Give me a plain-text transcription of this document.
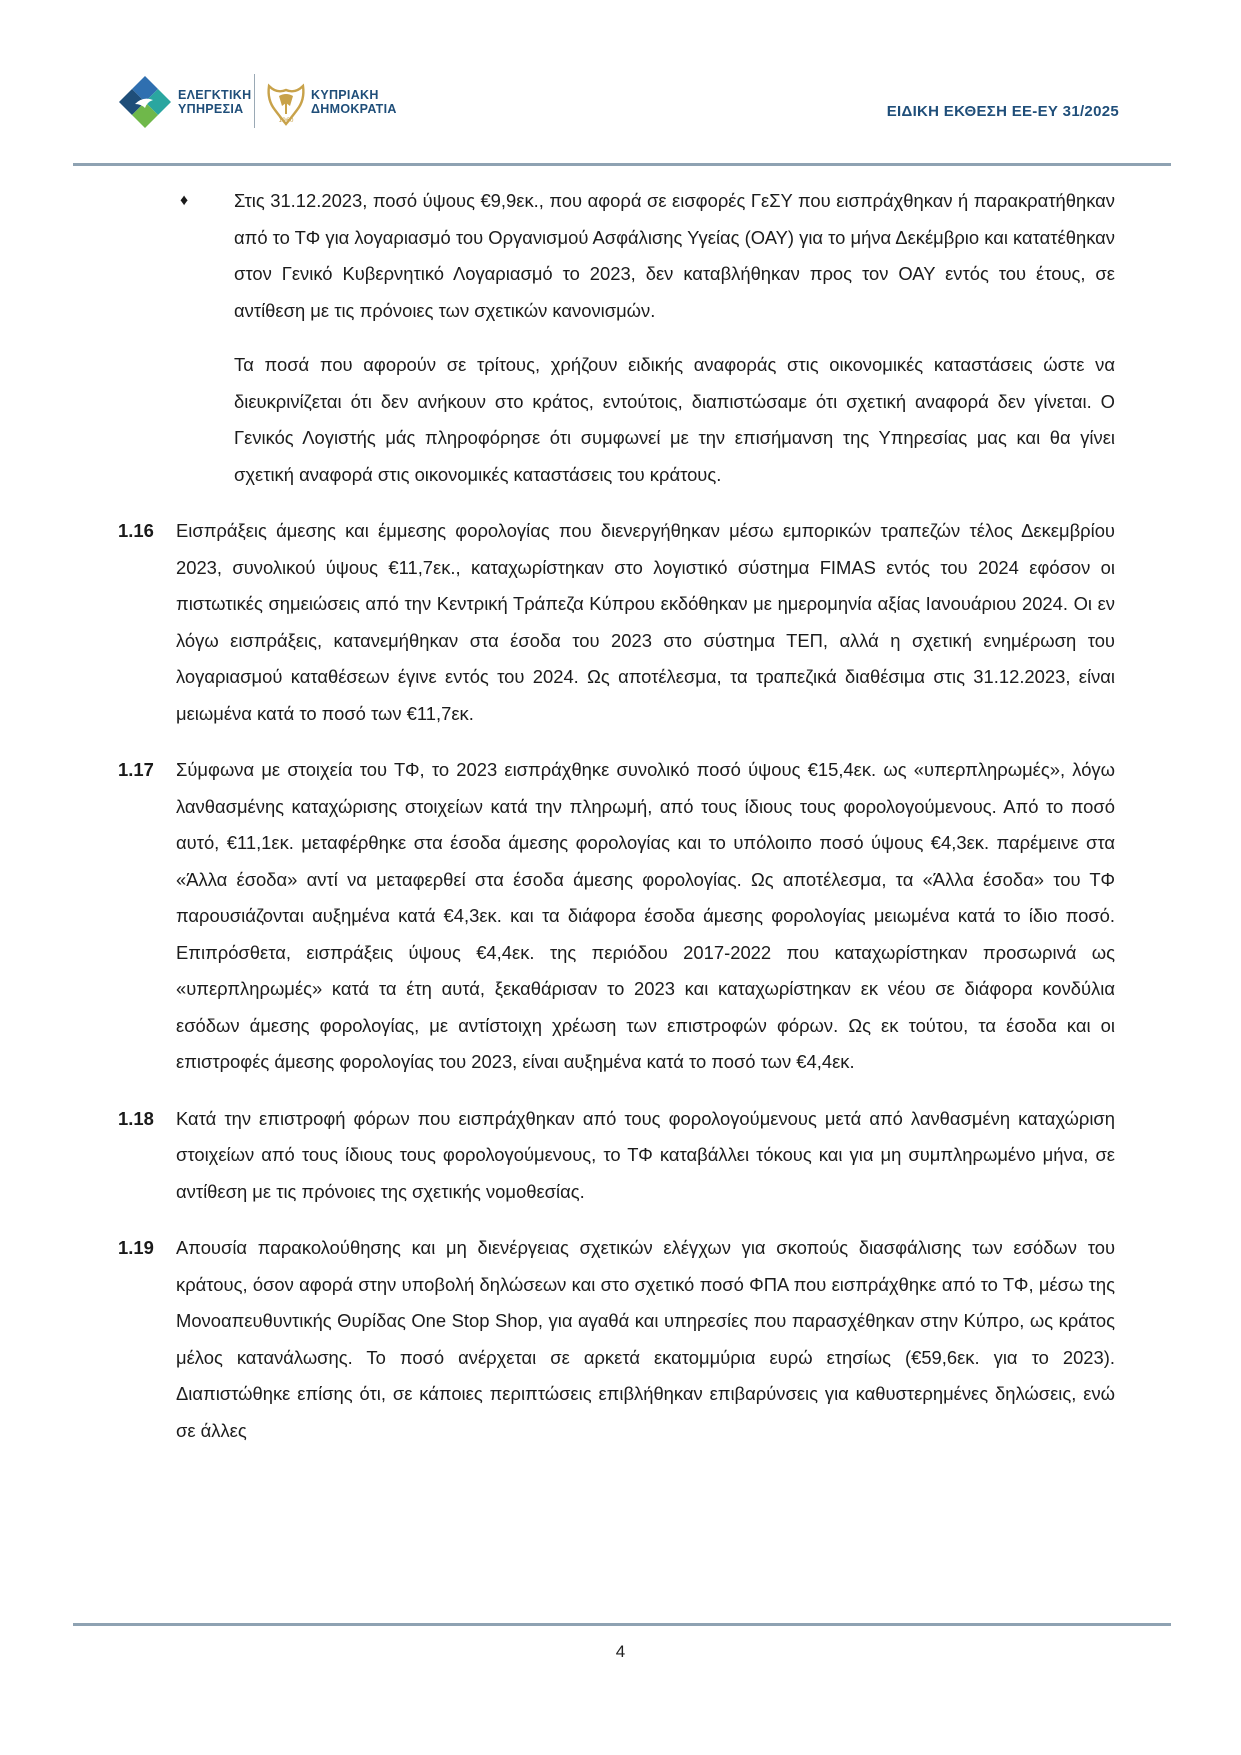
ΕΛΕΓΚΤΙΚΗ
ΥΠΗΡΕΣΙΑ
1960
ΚΥΠΡΙΑΚΗ
ΔΗΜΟΚΡΑΤΙΑ	ΕΙΔΙΚΗ ΕΚΘΕΣΗ ΕΕ-ΕΥ 31/2025
♦ Στις 31.12.2023, ποσό ύψους €9,9εκ., που αφορά σε εισφορές ΓεΣΥ που εισπράχθηκαν ή παρακρατήθηκαν από το ΤΦ για λογαριασμό του Οργανισμού Ασφάλισης Υγείας (ΟΑΥ) για το μήνα Δεκέμβριο και κατατέθηκαν στον Γενικό Κυβερνητικό Λογαριασμό το 2023, δεν καταβλήθηκαν προς τον ΟΑΥ εντός του έτους, σε αντίθεση με τις πρόνοιες των σχετικών κανονισμών.
Τα ποσά που αφορούν σε τρίτους, χρήζουν ειδικής αναφοράς στις οικονομικές καταστάσεις ώστε να διευκρινίζεται ότι δεν ανήκουν στο κράτος, εντούτοις, διαπιστώσαμε ότι σχετική αναφορά δεν γίνεται. Ο Γενικός Λογιστής μάς πληροφόρησε ότι συμφωνεί με την επισήμανση της Υπηρεσίας μας και θα γίνει σχετική αναφορά στις οικονομικές καταστάσεις του κράτους.
1.16 Εισπράξεις άμεσης και έμμεσης φορολογίας που διενεργήθηκαν μέσω εμπορικών τραπεζών τέλος Δεκεμβρίου 2023, συνολικού ύψους €11,7εκ., καταχωρίστηκαν στο λογιστικό σύστημα FIMAS εντός του 2024 εφόσον οι πιστωτικές σημειώσεις από την Κεντρική Τράπεζα Κύπρου εκδόθηκαν με ημερομηνία αξίας Ιανουάριου 2024. Οι εν λόγω εισπράξεις, κατανεμήθηκαν στα έσοδα του 2023 στο σύστημα ΤΕΠ, αλλά η σχετική ενημέρωση του λογαριασμού καταθέσεων έγινε εντός του 2024. Ως αποτέλεσμα, τα τραπεζικά διαθέσιμα στις 31.12.2023, είναι μειωμένα κατά το ποσό των €11,7εκ.
1.17 Σύμφωνα με στοιχεία του ΤΦ, το 2023 εισπράχθηκε συνολικό ποσό ύψους €15,4εκ. ως «υπερπληρωμές», λόγω λανθασμένης καταχώρισης στοιχείων κατά την πληρωμή, από τους ίδιους τους φορολογούμενους. Από το ποσό αυτό, €11,1εκ. μεταφέρθηκε στα έσοδα άμεσης φορολογίας και το υπόλοιπο ποσό ύψους €4,3εκ. παρέμεινε στα «Άλλα έσοδα» αντί να μεταφερθεί στα έσοδα άμεσης φορολογίας. Ως αποτέλεσμα, τα «Άλλα έσοδα» του ΤΦ παρουσιάζονται αυξημένα κατά €4,3εκ. και τα διάφορα έσοδα άμεσης φορολογίας μειωμένα κατά το ίδιο ποσό. Επιπρόσθετα, εισπράξεις ύψους €4,4εκ. της περιόδου 2017-2022 που καταχωρίστηκαν προσωρινά ως «υπερπληρωμές» κατά τα έτη αυτά, ξεκαθάρισαν το 2023 και καταχωρίστηκαν εκ νέου σε διάφορα κονδύλια εσόδων άμεσης φορολογίας, με αντίστοιχη χρέωση των επιστροφών φόρων. Ως εκ τούτου, τα έσοδα και οι επιστροφές άμεσης φορολογίας του 2023, είναι αυξημένα κατά το ποσό των €4,4εκ.
1.18 Κατά την επιστροφή φόρων που εισπράχθηκαν από τους φορολογούμενους μετά από λανθασμένη καταχώριση στοιχείων από τους ίδιους τους φορολογούμενους, το ΤΦ καταβάλλει τόκους και για μη συμπληρωμένο μήνα, σε αντίθεση με τις πρόνοιες της σχετικής νομοθεσίας.
1.19 Απουσία παρακολούθησης και μη διενέργειας σχετικών ελέγχων για σκοπούς διασφάλισης των εσόδων του κράτους, όσον αφορά στην υποβολή δηλώσεων και στο σχετικό ποσό ΦΠΑ που εισπράχθηκε από το ΤΦ, μέσω της Μονοαπευθυντικής Θυρίδας One Stop Shop, για αγαθά και υπηρεσίες που παρασχέθηκαν στην Κύπρο, ως κράτος μέλος κατανάλωσης. Το ποσό ανέρχεται σε αρκετά εκατομμύρια ευρώ ετησίως (€59,6εκ. για το 2023). Διαπιστώθηκε επίσης ότι, σε κάποιες περιπτώσεις επιβλήθηκαν επιβαρύνσεις για καθυστερημένες δηλώσεις, ενώ σε άλλες
4
